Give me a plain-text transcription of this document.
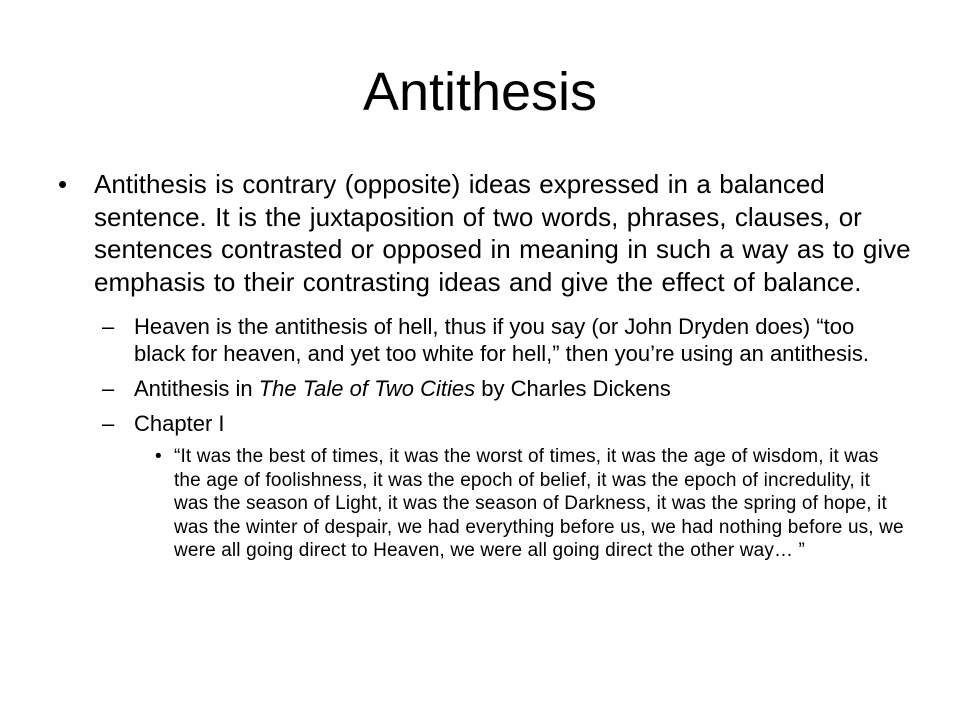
Antithesis
• Antithesis is contrary (opposite) ideas expressed in a balanced sentence. It is the juxtaposition of two words, phrases, clauses, or sentences contrasted or opposed in meaning in such a way as to give emphasis to their contrasting ideas and give the effect of balance.
– Heaven is the antithesis of hell, thus if you say (or John Dryden does) “too black for heaven, and yet too white for hell,” then you’re using an antithesis.
– Antithesis in The Tale of Two Cities by Charles Dickens
– Chapter I
• “It was the best of times, it was the worst of times, it was the age of wisdom, it was the age of foolishness, it was the epoch of belief, it was the epoch of incredulity, it was the season of Light, it was the season of Darkness, it was the spring of hope, it was the winter of despair, we had everything before us, we had nothing before us, we were all going direct to Heaven, we were all going direct the other way… ”
